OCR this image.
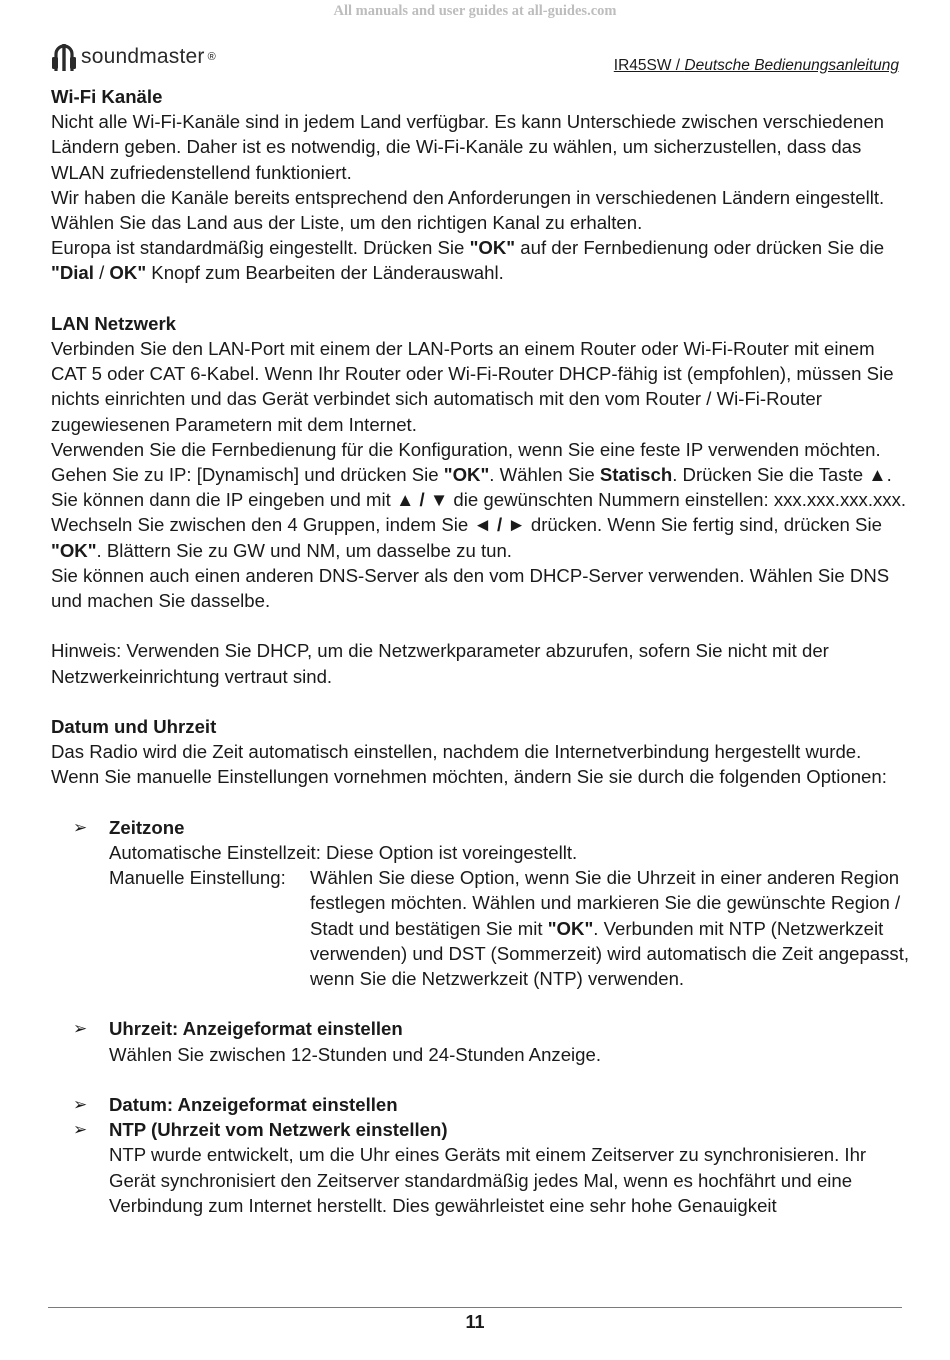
All manuals and user guides at all-guides.com
soundmaster ®	IR45SW / Deutsche Bedienungsanleitung

Wi-Fi Kanäle

Nicht alle Wi-Fi-Kanäle sind in jedem Land verfügbar. Es kann Unterschiede zwischen verschiedenen Ländern geben. Daher ist es notwendig, die Wi-Fi-Kanäle zu wählen, um sicherzustellen, dass das WLAN zufriedenstellend funktioniert.

Wir haben die Kanäle bereits entsprechend den Anforderungen in verschiedenen Ländern eingestellt. Wählen Sie das Land aus der Liste, um den richtigen Kanal zu erhalten.

Europa ist standardmäßig eingestellt. Drücken Sie "OK" auf der Fernbedienung oder drücken Sie die "Dial / OK" Knopf zum Bearbeiten der Länderauswahl.

LAN Netzwerk

Verbinden Sie den LAN-Port mit einem der LAN-Ports an einem Router oder Wi-Fi-Router mit einem CAT 5 oder CAT 6-Kabel. Wenn Ihr Router oder Wi-Fi-Router DHCP-fähig ist (empfohlen), müssen Sie nichts einrichten und das Gerät verbindet sich automatisch mit den vom Router / Wi-Fi-Router zugewiesenen Parametern mit dem Internet.

Verwenden Sie die Fernbedienung für die Konfiguration, wenn Sie eine feste IP verwenden möchten. Gehen Sie zu IP: [Dynamisch] und drücken Sie "OK". Wählen Sie Statisch. Drücken Sie die Taste ▲. Sie können dann die IP eingeben und mit ▲ / ▼ die gewünschten Nummern einstellen: xxx.xxx.xxx.xxx. Wechseln Sie zwischen den 4 Gruppen, indem Sie ◄ / ► drücken. Wenn Sie fertig sind, drücken Sie "OK". Blättern Sie zu GW und NM, um dasselbe zu tun.

Sie können auch einen anderen DNS-Server als den vom DHCP-Server verwenden. Wählen Sie DNS und machen Sie dasselbe.

Hinweis: Verwenden Sie DHCP, um die Netzwerkparameter abzurufen, sofern Sie nicht mit der Netzwerkeinrichtung vertraut sind.

Datum und Uhrzeit

Das Radio wird die Zeit automatisch einstellen, nachdem die Internetverbindung hergestellt wurde. Wenn Sie manuelle Einstellungen vornehmen möchten, ändern Sie sie durch die folgenden Optionen:

➢	Zeitzone

Automatische Einstellzeit: Diese Option ist voreingestellt.

Manuelle Einstellung:	Wählen Sie diese Option, wenn Sie die Uhrzeit in einer anderen Region festlegen möchten. Wählen und markieren Sie die gewünschte Region / Stadt und bestätigen Sie mit "OK". Verbunden mit NTP (Netzwerkzeit verwenden) und DST (Sommerzeit) wird automatisch die Zeit angepasst, wenn Sie die Netzwerkzeit (NTP) verwenden.
➢	Uhrzeit: Anzeigeformat einstellen

Wählen Sie zwischen 12-Stunden und 24-Stunden Anzeige.

➢	Datum: Anzeigeformat einstellen

➢	NTP (Uhrzeit vom Netzwerk einstellen)

NTP wurde entwickelt, um die Uhr eines Geräts mit einem Zeitserver zu synchronisieren. Ihr Gerät synchronisiert den Zeitserver standardmäßig jedes Mal, wenn es hochfährt und eine Verbindung zum Internet herstellt. Dies gewährleistet eine sehr hohe Genauigkeit

11
